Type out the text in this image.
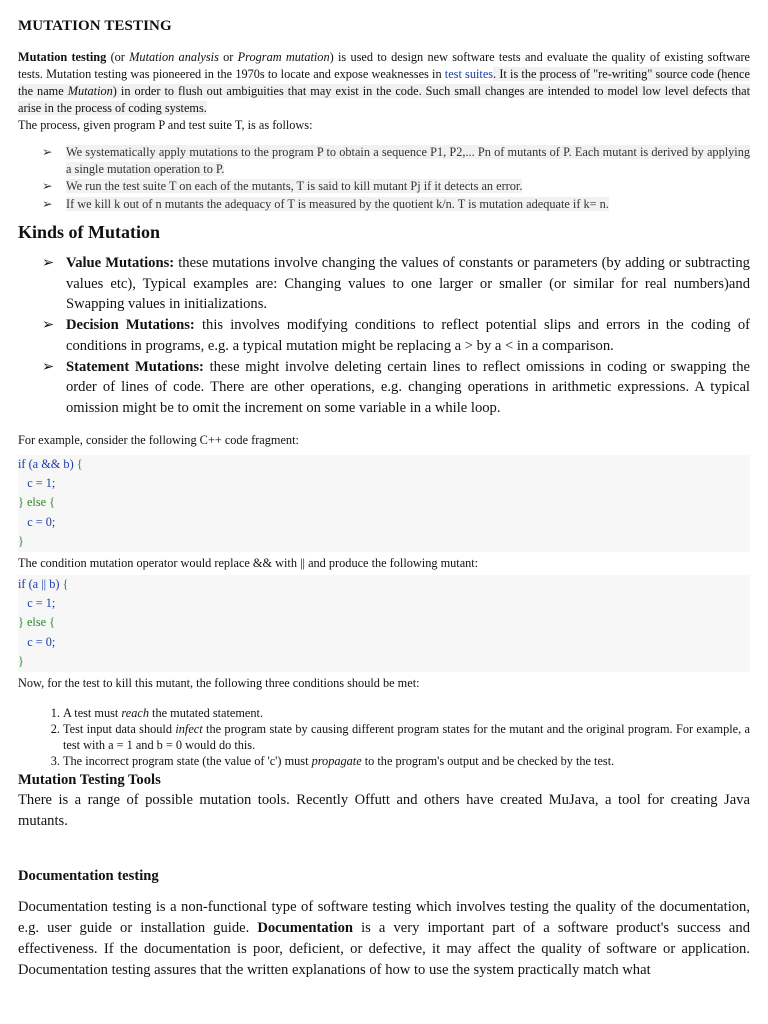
MUTATION TESTING

Mutation testing (or Mutation analysis or Program mutation) is used to design new software tests and evaluate the quality of existing software tests. Mutation testing was pioneered in the 1970s to locate and expose weaknesses in test suites. It is the process of "re-writing" source code (hence the name Mutation) in order to flush out ambiguities that may exist in the code. Such small changes are intended to model low level defects that arise in the process of coding systems.
The process, given program P and test suite T, is as follows:

➢ We systematically apply mutations to the program P to obtain a sequence P1, P2,... Pn of mutants of P. Each mutant is derived by applying a single mutation operation to P.
➢ We run the test suite T on each of the mutants, T is said to kill mutant Pj if it detects an error.
➢ If we kill k out of n mutants the adequacy of T is measured by the quotient k/n. T is mutation adequate if k= n.
Kinds of Mutation
➢ Value Mutations: these mutations involve changing the values of constants or parameters (by adding or subtracting values etc), Typical examples are: Changing values to one larger or smaller (or similar for real numbers)and Swapping values in initializations.
➢ Decision Mutations: this involves modifying conditions to reflect potential slips and errors in the coding of conditions in programs, e.g. a typical mutation might be replacing a > by a < in a comparison.
➢ Statement Mutations: these might involve deleting certain lines to reflect omissions in coding or swapping the order of lines of code. There are other operations, e.g. changing operations in arithmetic expressions. A typical omission might be to omit the increment on some variable in a while loop.

For example, consider the following C++ code fragment:

if (a && b) {
c = 1;
} else {
c = 0;
}

The condition mutation operator would replace && with || and produce the following mutant:

if (a || b) {
c = 1;
} else {
c = 0;
}

Now, for the test to kill this mutant, the following three conditions should be met:

1. A test must reach the mutated statement.
2. Test input data should infect the program state by causing different program states for the mutant and the original program. For example, a test with a = 1 and b = 0 would do this.
3. The incorrect program state (the value of 'c') must propagate to the program's output and be checked by the test.
Mutation Testing Tools

There is a range of possible mutation tools. Recently Offutt and others have created MuJava, a tool for creating Java mutants.

Documentation testing

Documentation testing is a non-functional type of software testing which involves testing the quality of the documentation, e.g. user guide or installation guide. Documentation is a very important part of a software product's success and effectiveness. If the documentation is poor, deficient, or defective, it may affect the quality of software or application. Documentation testing assures that the written explanations of how to use the system practically match what
